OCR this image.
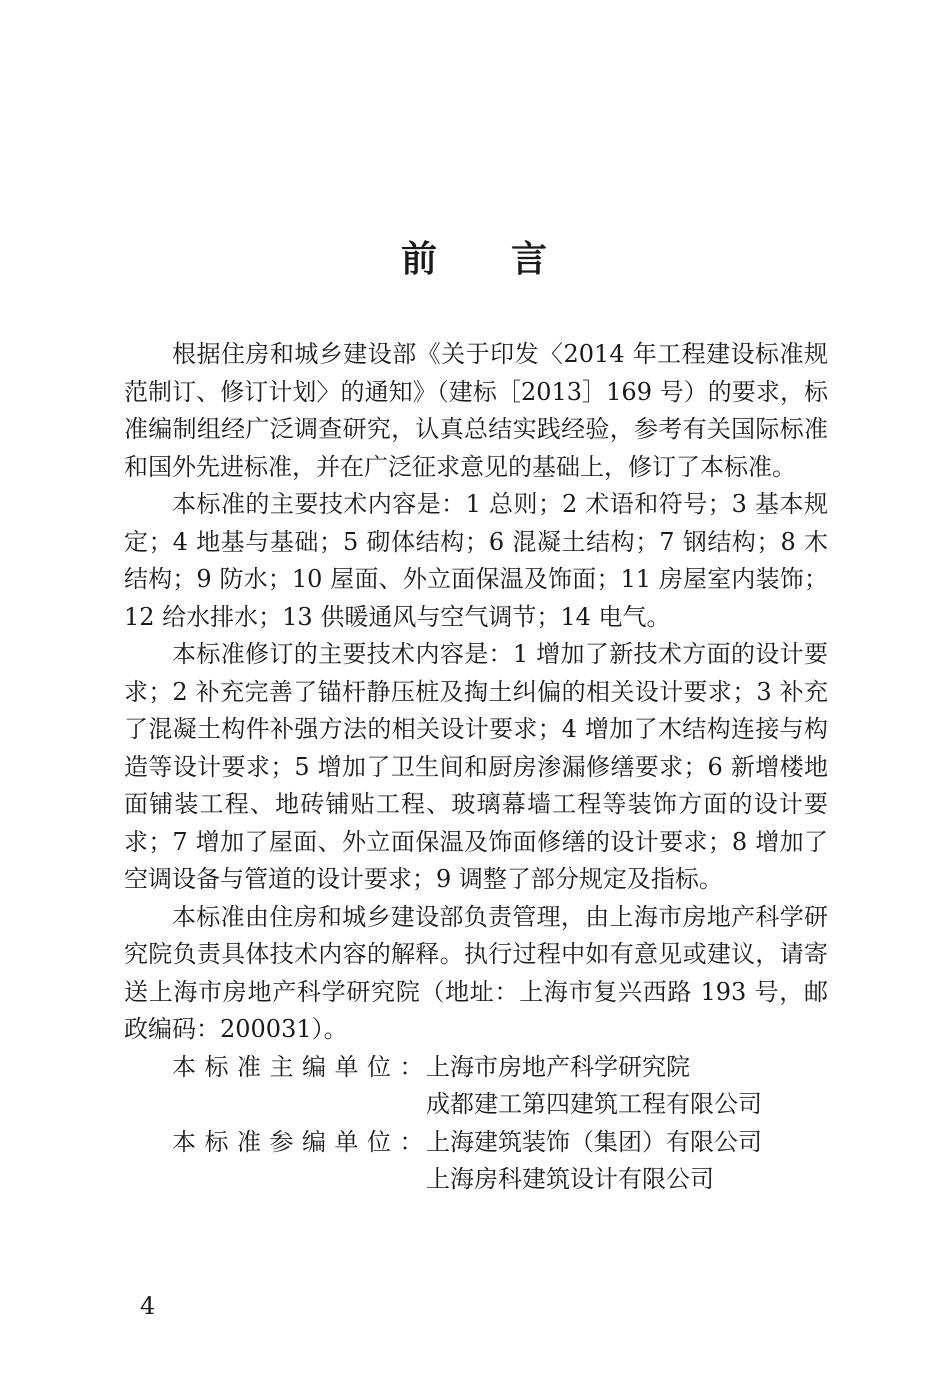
前 言

根据住房和城乡建设部《关于印发〈2014 年工程建设标准规范制订、修订计划〉的通知》（建标［2013］169 号）的要求，标准编制组经广泛调查研究，认真总结实践经验，参考有关国际标准和国外先进标准，并在广泛征求意见的基础上，修订了本标准。

本标准的主要技术内容是：1 总则；2 术语和符号；3 基本规定；4 地基与基础；5 砌体结构；6 混凝土结构；7 钢结构；8 木结构；9 防水；10 屋面、外立面保温及饰面；11 房屋室内装饰；12 给水排水；13 供暖通风与空气调节；14 电气。

本标准修订的主要技术内容是：1 增加了新技术方面的设计要求；2 补充完善了锚杆静压桩及掏土纠偏的相关设计要求；3 补充了混凝土构件补强方法的相关设计要求；4 增加了木结构连接与构造等设计要求；5 增加了卫生间和厨房渗漏修缮要求；6 新增楼地面铺装工程、地砖铺贴工程、玻璃幕墙工程等装饰方面的设计要求；7 增加了屋面、外立面保温及饰面修缮的设计要求；8 增加了空调设备与管道的设计要求；9 调整了部分规定及指标。

本标准由住房和城乡建设部负责管理，由上海市房地产科学研究院负责具体技术内容的解释。执行过程中如有意见或建议，请寄送上海市房地产科学研究院（地址：上海市复兴西路 193 号，邮政编码：200031）。

本标准主编单位：
上海市房地产科学研究院
成都建工第四建筑工程有限公司
本标准参编单位：
上海建筑装饰（集团）有限公司
上海房科建筑设计有限公司
4
